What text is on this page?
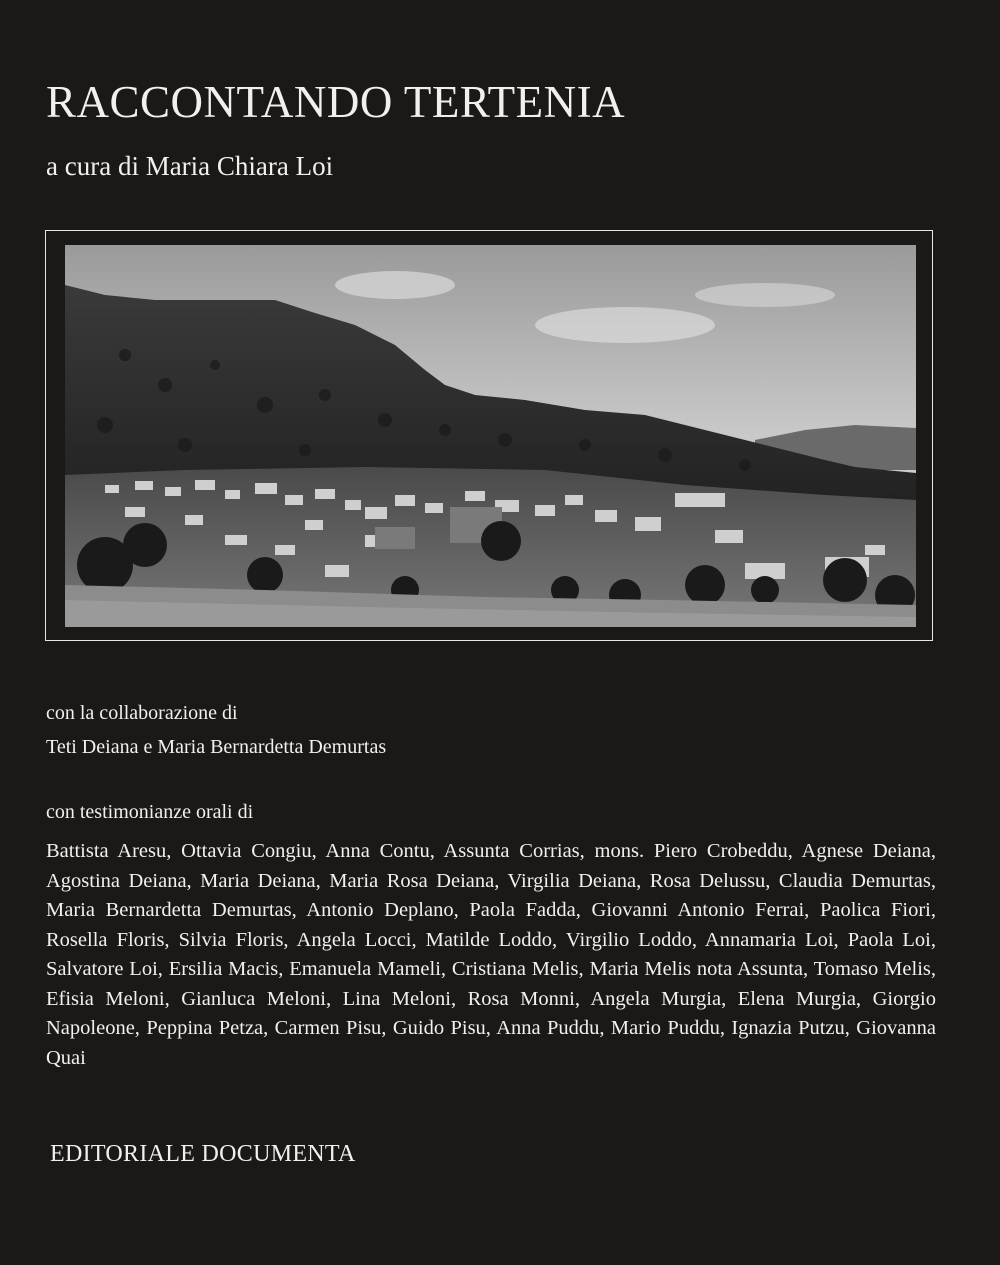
RACCONTANDO TERTENIA

a cura di Maria Chiara Loi

con la collaborazione di
Teti Deiana e Maria Bernardetta Demurtas
con testimonianze orali di

Battista Aresu, Ottavia Congiu, Anna Contu, Assunta Corrias, mons. Piero Crobeddu, Agnese Deiana, Agostina Deiana, Maria Deiana, Maria Rosa Deiana, Virgilia Deiana, Rosa Delussu, Claudia Demurtas, Maria Bernardetta Demurtas, Antonio Deplano, Paola Fadda, Giovanni Antonio Ferrai, Paolica Fiori, Rosella Floris, Silvia Floris, Angela Locci, Matilde Loddo, Virgilio Loddo, Annamaria Loi, Paola Loi, Salvatore Loi, Ersilia Macis, Emanuela Mameli, Cristiana Melis, Maria Melis nota Assunta, Tomaso Melis, Efisia Meloni, Gianluca Meloni, Lina Meloni, Rosa Monni, Angela Murgia, Elena Murgia, Giorgio Napoleone, Peppina Petza, Carmen Pisu, Guido Pisu, Anna Puddu, Mario Puddu, Ignazia Putzu, Giovanna Quai

EDITORIALE DOCUMENTA
